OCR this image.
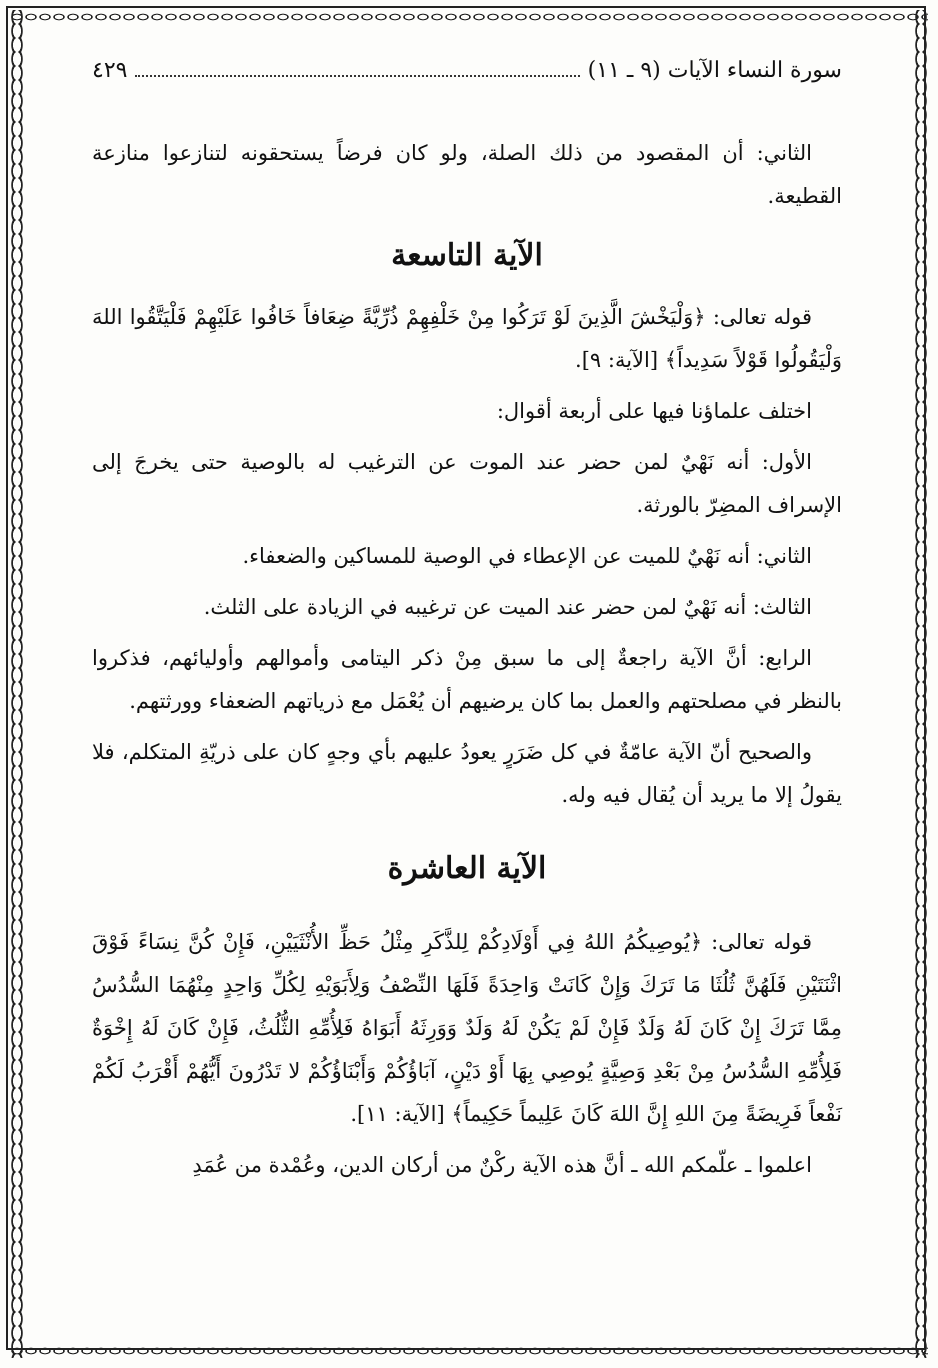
سورة النساء الآيات (٩ ـ ١١)
٤٢٩

الثاني: أن المقصود من ذلك الصلة، ولو كان فرضاً يستحقونه لتنازعوا منازعة القطيعة.

الآية التاسعة

قوله تعالى: ﴿وَلْيَخْشَ الَّذِينَ لَوْ تَرَكُوا مِنْ خَلْفِهِمْ ذُرِّيَّةً ضِعَافاً خَافُوا عَلَيْهِمْ فَلْيَتَّقُوا اللهَ وَلْيَقُولُوا قَوْلاً سَدِيداً﴾ [الآية: ٩].

اختلف علماؤنا فيها على أربعة أقوال:

الأول: أنه نَهْيٌ لمن حضر عند الموت عن الترغيب له بالوصية حتى يخرجَ إلى الإسراف المضِرّ بالورثة.

الثاني: أنه نَهْيٌ للميت عن الإعطاء في الوصية للمساكين والضعفاء.

الثالث: أنه نَهْيٌ لمن حضر عند الميت عن ترغيبه في الزيادة على الثلث.

الرابع: أنَّ الآية راجعةٌ إلى ما سبق مِنْ ذكر اليتامى وأموالهم وأوليائهم، فذكروا بالنظر في مصلحتهم والعمل بما كان يرضيهم أن يُعْمَل مع ذرياتهم الضعفاء وورثتهم.

والصحيح أنّ الآية عامّةٌ في كل ضَرَرٍ يعودُ عليهم بأي وجهٍ كان على ذريّةِ المتكلم، فلا يقولُ إلا ما يريد أن يُقال فيه وله.

الآية العاشرة

قوله تعالى: ﴿يُوصِيكُمُ اللهُ فِي أَوْلَادِكُمْ لِلذَّكَرِ مِثْلُ حَظِّ الأُنْثَيَيْنِ، فَإِنْ كُنَّ نِسَاءً فَوْقَ اثْنَتَيْنِ فَلَهُنَّ ثُلُثَا مَا تَرَكَ وَإِنْ كَانَتْ وَاحِدَةً فَلَهَا النِّصْفُ وَلِأَبَوَيْهِ لِكُلِّ وَاحِدٍ مِنْهُمَا السُّدُسُ مِمَّا تَرَكَ إِنْ كَانَ لَهُ وَلَدٌ فَإِنْ لَمْ يَكُنْ لَهُ وَلَدٌ وَوَرِثَهُ أَبَوَاهُ فَلِأُمِّهِ الثُّلُثُ، فَإِنْ كَانَ لَهُ إِخْوَةٌ فَلِأُمِّهِ السُّدُسُ مِنْ بَعْدِ وَصِيَّةٍ يُوصِي بِهَا أَوْ دَيْنٍ، آبَاؤُكُمْ وَأَبْنَاؤُكُمْ لا تَدْرُونَ أَيُّهُمْ أَقْرَبُ لَكُمْ نَفْعاً فَرِيضَةً مِنَ اللهِ إِنَّ اللهَ كَانَ عَلِيماً حَكِيماً﴾ [الآية: ١١].

اعلموا ـ علّمكم الله ـ أنَّ هذه الآية ركْنٌ من أركان الدين، وعُمْدة من عُمَدِ
